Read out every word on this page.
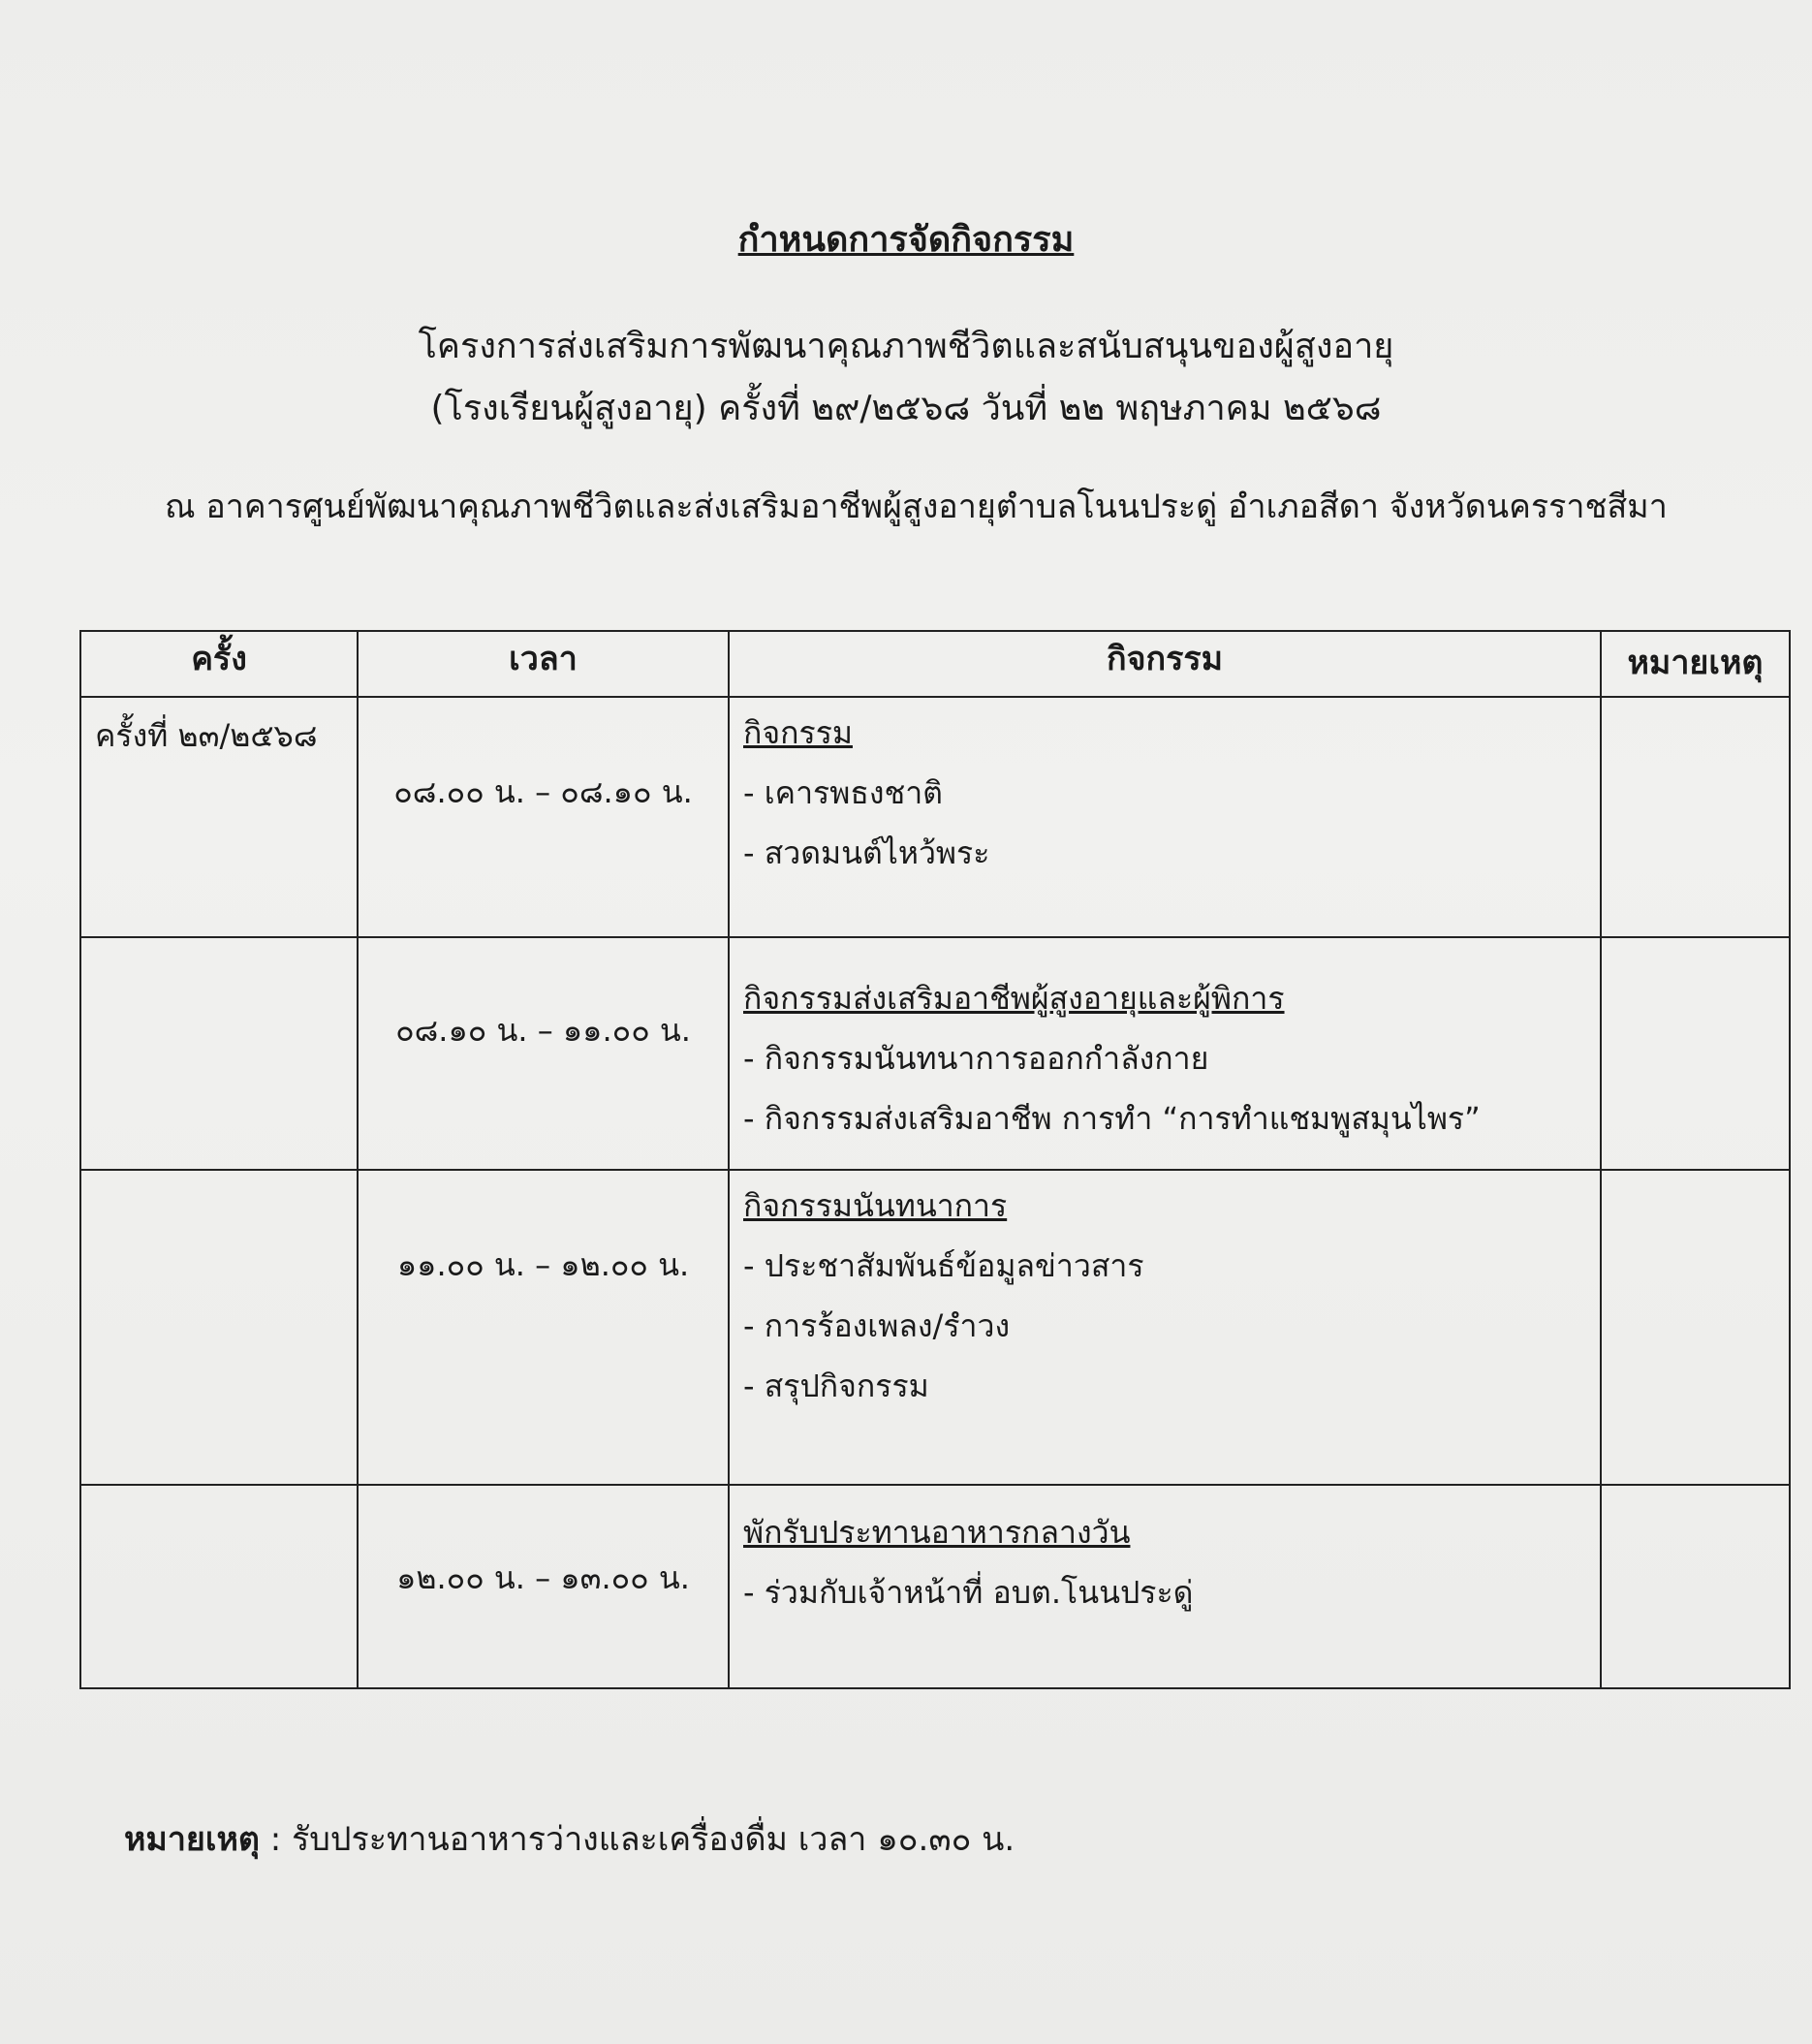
กำหนดการจัดกิจกรรม
โครงการส่งเสริมการพัฒนาคุณภาพชีวิตและสนับสนุนของผู้สูงอายุ
(โรงเรียนผู้สูงอายุ) ครั้งที่ ๒๙/๒๕๖๘ วันที่ ๒๒ พฤษภาคม ๒๕๖๘
ณ อาคารศูนย์พัฒนาคุณภาพชีวิตและส่งเสริมอาชีพผู้สูงอายุตำบลโนนประดู่ อำเภอสีดา จังหวัดนครราชสีมา
ครั้ง	เวลา	กิจกรรม	หมายเหตุ
ครั้งที่ ๒๓/๒๕๖๘	๐๘.๐๐ น. – ๐๘.๑๐ น.	กิจกรรม
- เคารพธงชาติ
- สวดมนต์ไหว้พระ	

	๐๘.๑๐ น. – ๑๑.๐๐ น.	กิจกรรมส่งเสริมอาชีพผู้สูงอายุและผู้พิการ
- กิจกรรมนันทนาการออกกำลังกาย
- กิจกรรมส่งเสริมอาชีพ การทำ “การทำแชมพูสมุนไพร”	

	๑๑.๐๐ น. – ๑๒.๐๐ น.	กิจกรรมนันทนาการ
- ประชาสัมพันธ์ข้อมูลข่าวสาร
- การร้องเพลง/รำวง
- สรุปกิจกรรม	

	๑๒.๐๐ น. – ๑๓.๐๐ น.	พักรับประทานอาหารกลางวัน
- ร่วมกับเจ้าหน้าที่ อบต.โนนประดู่	

หมายเหตุ : รับประทานอาหารว่างและเครื่องดื่ม เวลา ๑๐.๓๐ น.
